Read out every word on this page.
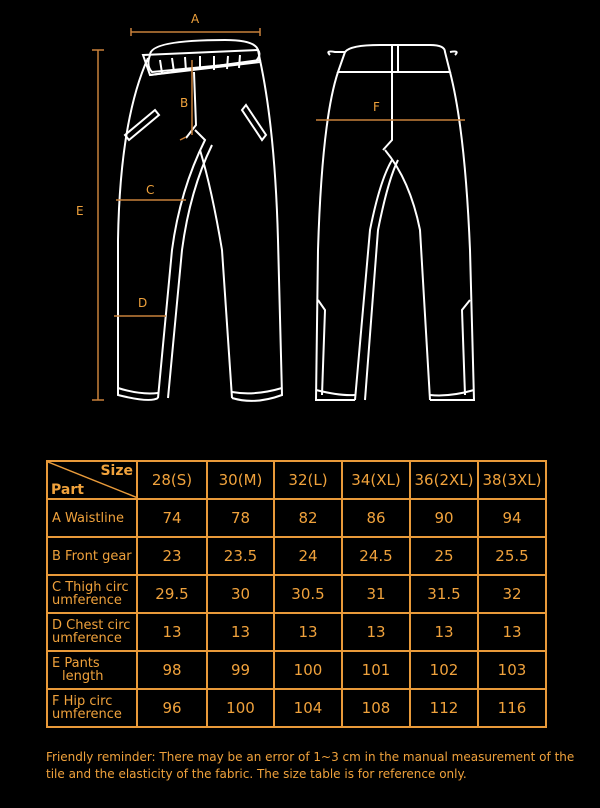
A
B
C
D
E
F
Size
Part	28(S)	30(M)	32(L)	34(XL)	36(2XL)	38(3XL)
A Waistline	74	78	82	86	90	94
B Front gear	23	23.5	24	24.5	25	25.5
C Thigh circ
umference	29.5	30	30.5	31	31.5	32
D Chest circ
umference	13	13	13	13	13	13
E Pants
length	98	99	100	101	102	103
F Hip circ
umference	96	100	104	108	112	116
Friendly reminder: There may be an error of 1~3 cm in the manual measurement of the tile and the elasticity of the fabric. The size table is for reference only.
